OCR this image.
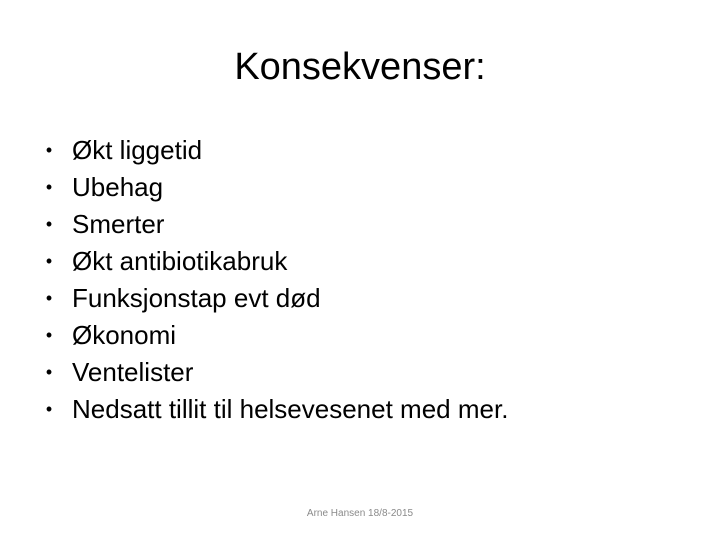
Konsekvenser:
• Økt liggetid
• Ubehag
• Smerter
• Økt antibiotikabruk
• Funksjonstap evt død
• Økonomi
• Ventelister
• Nedsatt tillit til helsevesenet med mer.
Arne Hansen 18/8-2015
